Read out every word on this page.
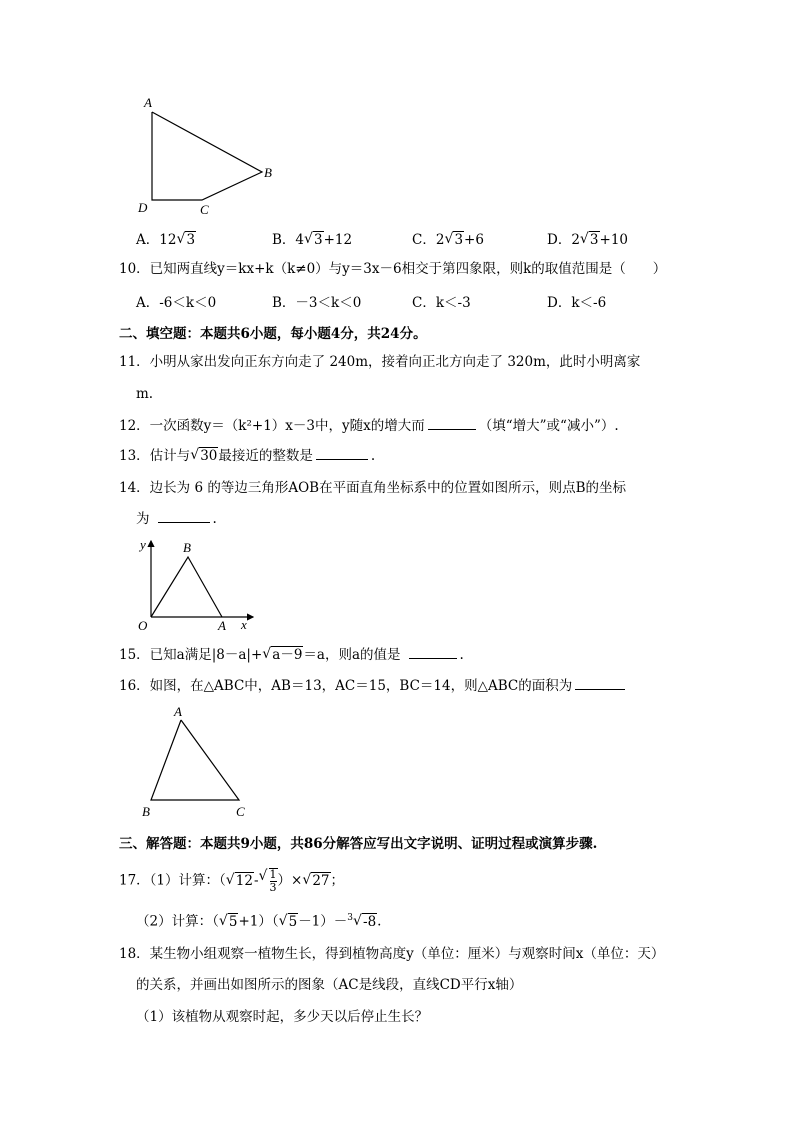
A
B
C
D
A．12 √ 3	B．4 √ 3+12	C．2 √ 3+6	D．2 √ 3+10
10．已知两直线y＝kx+k（k≠0）与y＝3x－6相交于第四象限，则k的取值范围是（　　）
A．-6＜k＜0	B．－3＜k＜0	C．k＜-3	D．k＜-6
二、填空题：本题共6小题，每小题4分，共24分。
11．小明从家出发向正东方向走了 240m，接着向正北方向走了 320m，此时小明离家
m.
12．一次函数y＝（k²+1）x－3中，y随x的增大而	（填“增大”或“减小”）.
13．估计与 √ 30最接近的整数是	.
14．边长为 6 的等边三角形AOB在平面直角坐标系中的位置如图所示，则点B的坐标
为	.
y
x
O	A
B
15．已知a满足|8－a|+ √ a－9＝a，则a的值是	.
16．如图，在△ABC中，AB＝13，AC＝15，BC＝14，则△ABC的面积为
A
B	C
三、解答题：本题共9小题，共86分解答应写出文字说明、证明过程或演算步骤.
17．（1）计算：（ √ 12- √ $\frac{1}{3}$ ）× √ 27；
（2）计算：（ √ 5+1）（ √ 5－1）－$^3$ √ -8.
18．某生物小组观察一植物生长，得到植物高度y（单位：厘米）与观察时间x（单位：天）
的关系，并画出如图所示的图象（AC是线段，直线CD平行x轴）
（1）该植物从观察时起，多少天以后停止生长？
